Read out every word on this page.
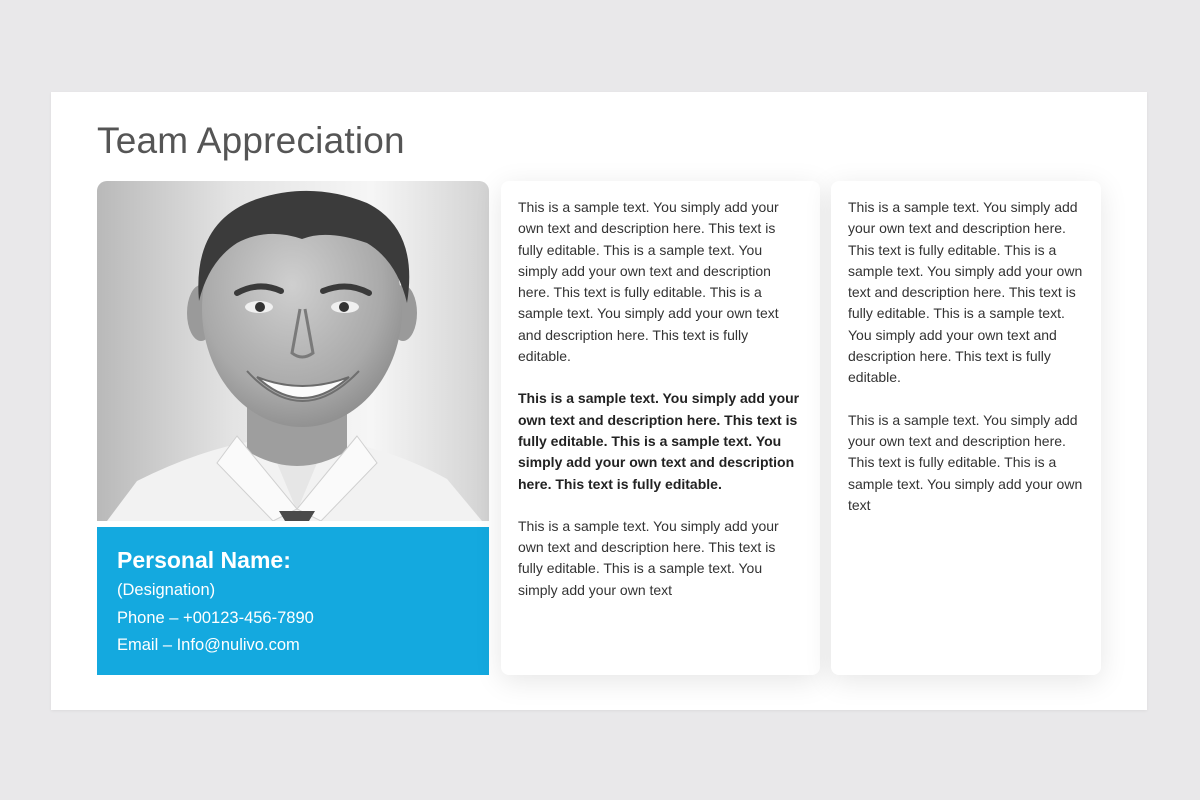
Team Appreciation
Personal Name:
(Designation)
Phone – +00123-456-7890
Email – Info@nulivo.com

This is a sample text. You simply add your own text and description here. This text is fully editable. This is a sample text. You simply add your own text and description here. This text is fully editable. This is a sample text. You simply add your own text and description here. This text is fully editable.

This is a sample text. You simply add your own text and description here. This text is fully editable. This is a sample text. You simply add your own text and description here. This text is fully editable.

This is a sample text. You simply add your own text and description here. This text is fully editable. This is a sample text. You simply add your own text

This is a sample text. You simply add your own text and description here. This text is fully editable. This is a sample text. You simply add your own text and description here. This text is fully editable. This is a sample text. You simply add your own text and description here. This text is fully editable.

This is a sample text. You simply add your own text and description here. This text is fully editable. This is a sample text. You simply add your own text
